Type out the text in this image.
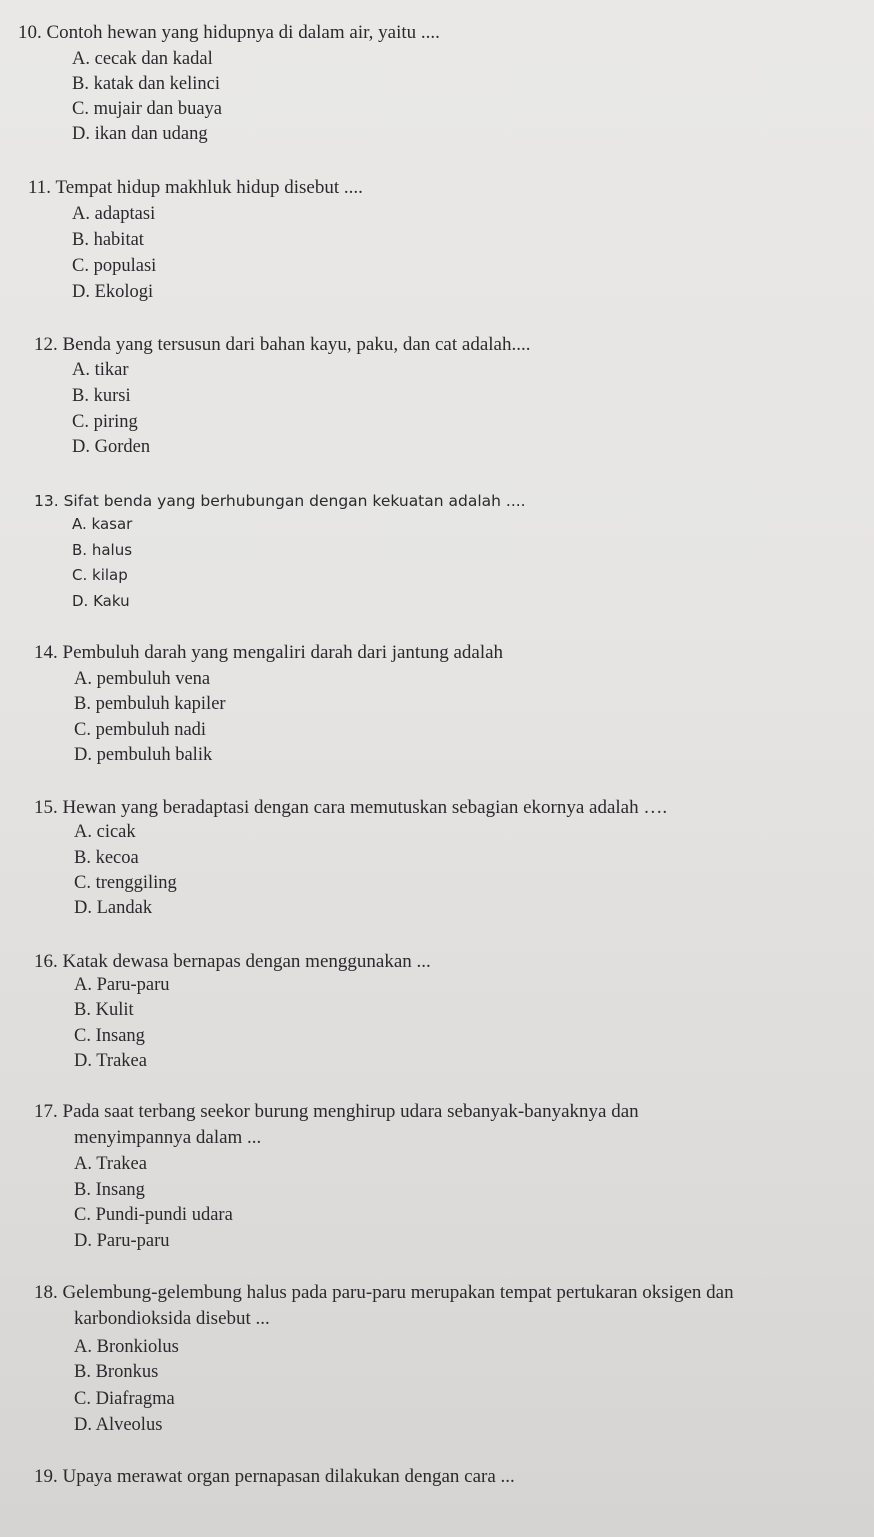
10. Contoh hewan yang hidupnya di dalam air, yaitu ....
A. cecak dan kadal
B. katak dan kelinci
C. mujair dan buaya
D. ikan dan udang
11. Tempat hidup makhluk hidup disebut ....
A. adaptasi
B. habitat
C. populasi
D. Ekologi
12. Benda yang tersusun dari bahan kayu, paku, dan cat adalah....
A. tikar
B. kursi
C. piring
D. Gorden
13. Sifat benda yang berhubungan dengan kekuatan adalah ....
A. kasar
B. halus
C. kilap
D. Kaku
14. Pembuluh darah yang mengaliri darah dari jantung adalah
A. pembuluh vena
B. pembuluh kapiler
C. pembuluh nadi
D. pembuluh balik
15. Hewan yang beradaptasi dengan cara memutuskan sebagian ekornya adalah ….
A. cicak
B. kecoa
C. trenggiling
D. Landak
16. Katak dewasa bernapas dengan menggunakan ...
A. Paru-paru
B. Kulit
C. Insang
D. Trakea
17. Pada saat terbang seekor burung menghirup udara sebanyak-banyaknya dan
menyimpannya dalam ...
A. Trakea
B. Insang
C. Pundi-pundi udara
D. Paru-paru
18. Gelembung-gelembung halus pada paru-paru merupakan tempat pertukaran oksigen dan
karbondioksida disebut ...
A. Bronkiolus
B. Bronkus
C. Diafragma
D. Alveolus
19. Upaya merawat organ pernapasan dilakukan dengan cara ...
